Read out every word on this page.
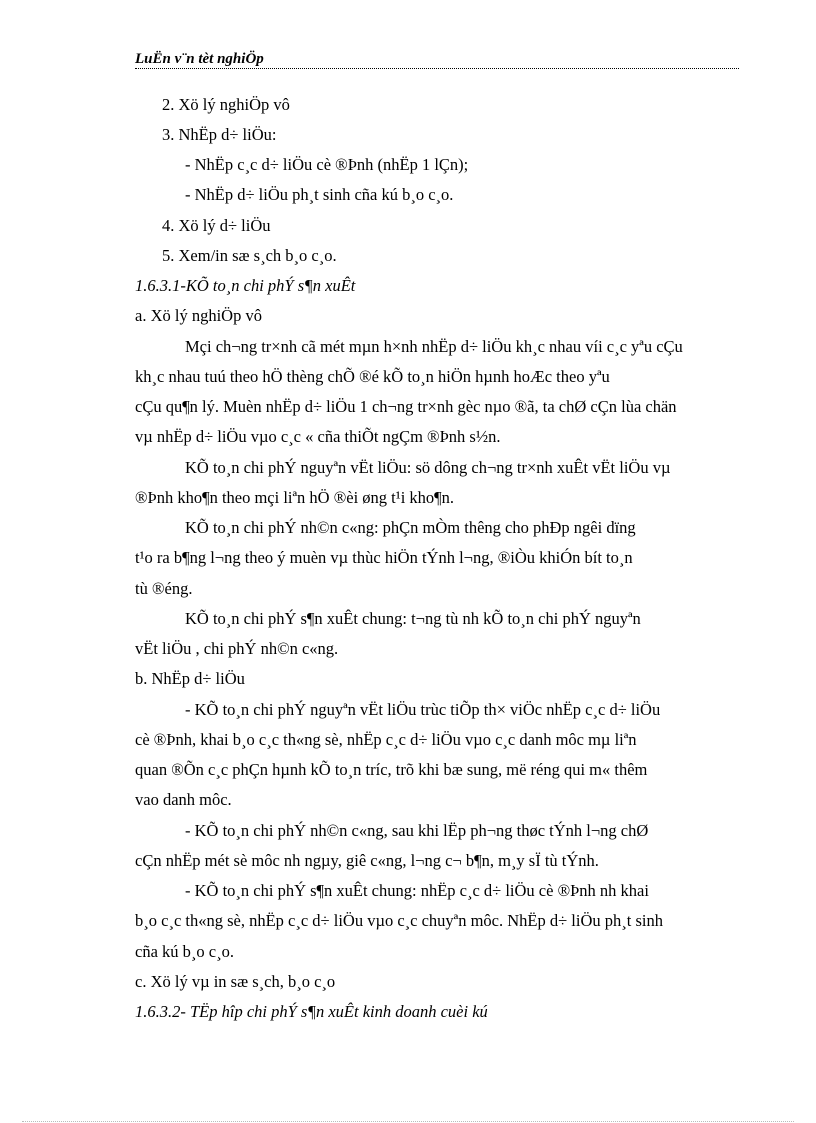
LuËn v¨n tèt nghiÖp
2. Xö lý nghiÖp vô
3. NhËp d÷ liÖu:
- NhËp c¸c d÷ liÖu cè ®Þnh (nhËp 1 lÇn);
- NhËp d÷ liÖu ph¸t sinh cña kú b¸o c¸o.
4. Xö lý d÷ liÖu
5. Xem/in sæ s¸ch b¸o c¸o.
1.6.3.1-KÕ to¸n chi phÝ s¶n xuÊt
a. Xö lý nghiÖp vô
Mçi ch¬ng tr×nh cã mét mµn h×nh nhËp d÷ liÖu kh¸c nhau víi c¸c yªu cÇu
kh¸c nhau tuú theo hÖ thèng chÕ ®é kÕ to¸n hiÖn hµnh hoÆc theo yªu
cÇu qu¶n lý. Muèn nhËp d÷ liÖu 1 ch¬ng tr×nh gèc nµo ®ã, ta chØ cÇn lùa chän
vµ nhËp d÷ liÖu vµo c¸c « cña thiÕt ngÇm ®Þnh s½n.
KÕ to¸n chi phÝ nguyªn vËt liÖu: sö dông ch¬ng tr×nh xuÊt vËt liÖu vµ
®Þnh kho¶n theo mçi liªn hÖ ®èi øng t¹i kho¶n.
KÕ to¸n chi phÝ nh©n c«ng: phÇn mÒm thêng cho phÐp ngêi dïng
t¹o ra b¶ng l¬ng theo ý muèn vµ thùc hiÖn tÝnh l¬ng, ®iÒu khiÓn bít to¸n
tù ®éng.
KÕ to¸n chi phÝ s¶n xuÊt chung: t¬ng tù nh kÕ to¸n chi phÝ nguyªn
vËt liÖu , chi phÝ nh©n c«ng.
b. NhËp d÷ liÖu
- KÕ to¸n chi phÝ nguyªn vËt liÖu trùc tiÕp th× viÖc nhËp c¸c d÷ liÖu
cè ®Þnh, khai b¸o c¸c th«ng sè, nhËp c¸c d÷ liÖu vµo c¸c danh môc mµ liªn
quan ®Õn c¸c phÇn hµnh kÕ to¸n tríc, trõ khi bæ sung, më réng qui m« thêm
vao danh môc.
- KÕ to¸n chi phÝ nh©n c«ng, sau khi lËp ph¬ng thøc tÝnh l¬ng chØ
cÇn nhËp mét sè môc nh ngµy, giê c«ng, l¬ng c¬ b¶n, m¸y sÏ tù tÝnh.
- KÕ to¸n chi phÝ s¶n xuÊt chung: nhËp c¸c d÷ liÖu cè ®Þnh nh khai
b¸o c¸c th«ng sè, nhËp c¸c d÷ liÖu vµo c¸c chuyªn môc. NhËp d÷ liÖu ph¸t sinh
cña kú b¸o c¸o.
c. Xö lý vµ in sæ s¸ch, b¸o c¸o
1.6.3.2- TËp hîp chi phÝ s¶n xuÊt kinh doanh cuèi kú
